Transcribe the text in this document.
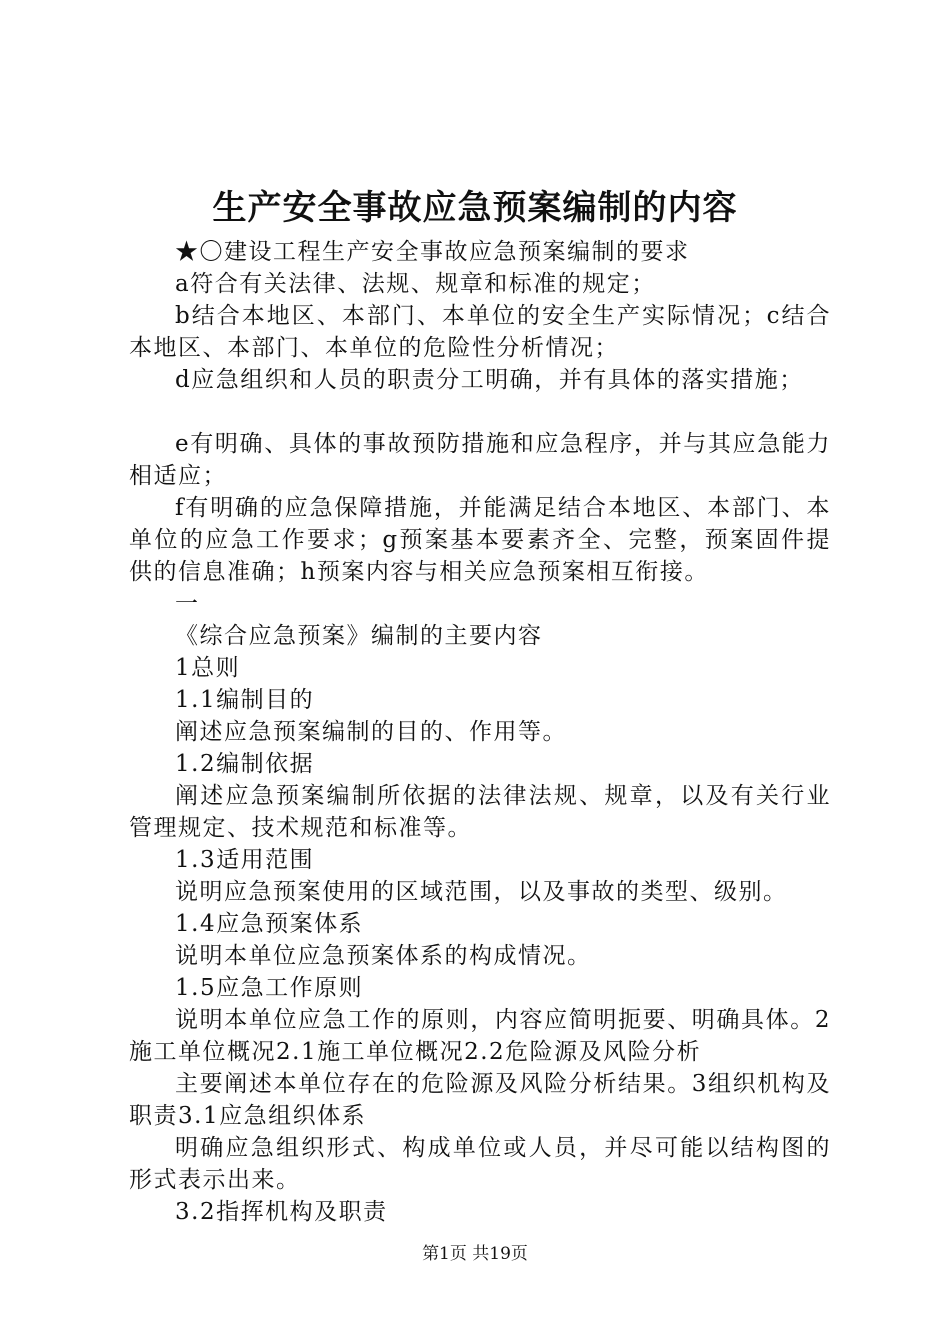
生产安全事故应急预案编制的内容

★〇建设工程生产安全事故应急预案编制的要求

a符合有关法律、法规、规章和标准的规定；

b结合本地区、本部门、本单位的安全生产实际情况；c结合本地区、本部门、本单位的危险性分析情况；

d应急组织和人员的职责分工明确，并有具体的落实措施；

e有明确、具体的事故预防措施和应急程序，并与其应急能力相适应；

f有明确的应急保障措施，并能满足结合本地区、本部门、本单位的应急工作要求；g预案基本要素齐全、完整，预案固件提供的信息准确；h预案内容与相关应急预案相互衔接。

一

《综合应急预案》编制的主要内容

1总则

1.1编制目的

阐述应急预案编制的目的、作用等。

1.2编制依据

阐述应急预案编制所依据的法律法规、规章，以及有关行业管理规定、技术规范和标准等。

1.3适用范围

说明应急预案使用的区域范围，以及事故的类型、级别。

1.4应急预案体系

说明本单位应急预案体系的构成情况。

1.5应急工作原则

说明本单位应急工作的原则，内容应简明扼要、明确具体。2施工单位概况2.1施工单位概况2.2危险源及风险分析

主要阐述本单位存在的危险源及风险分析结果。3组织机构及职责3.1应急组织体系

明确应急组织形式、构成单位或人员，并尽可能以结构图的形式表示出来。

3.2指挥机构及职责

第1页 共19页
